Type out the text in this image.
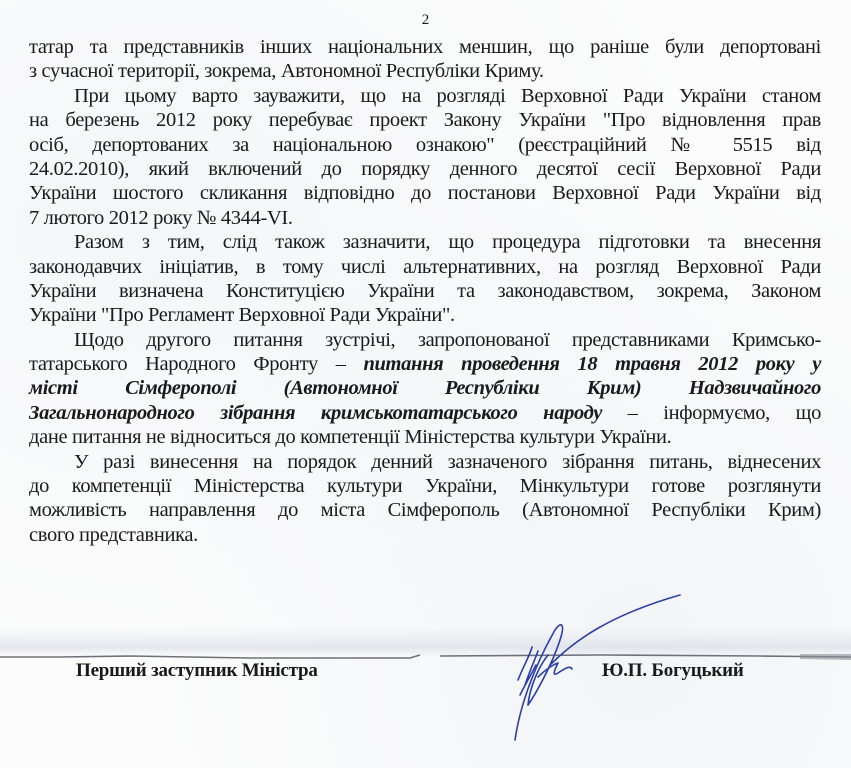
2
татар та представників інших національних меншин, що раніше були депортовані
з сучасної території, зокрема, Автономної Республіки Криму.
При цьому варто зауважити, що на розгляді Верховної Ради України станом
на березень 2012 року перебуває проект Закону України "Про відновлення прав
осіб, депортованих за національною ознакою" (реєстраційний № 5515 від
24.02.2010), який включений до порядку денного десятої сесії Верховної Ради
України шостого скликання відповідно до постанови Верховної Ради України від
7 лютого 2012 року № 4344-VI.
Разом з тим, слід також зазначити, що процедура підготовки та внесення
законодавчих ініціатив, в тому числі альтернативних, на розгляд Верховної Ради
України визначена Конституцією України та законодавством, зокрема, Законом
України "Про Регламент Верховної Ради України".
Щодо другого питання зустрічі, запропонованої представниками Кримсько-
татарського Народного Фронту – питання проведення 18 травня 2012 року у
місті Сімферополі (Автономної Республіки Крим) Надзвичайного
Загальнонародного зібрання кримськотатарського народу – інформуємо, що
дане питання не відноситься до компетенції Міністерства культури України.
У разі винесення на порядок денний зазначеного зібрання питань, віднесених
до компетенції Міністерства культури України, Мінкультури готове розглянути
можливість направлення до міста Сімферополь (Автономної Республіки Крим)
свого представника.
Перший заступник Міністра	Ю.П. Богуцький
